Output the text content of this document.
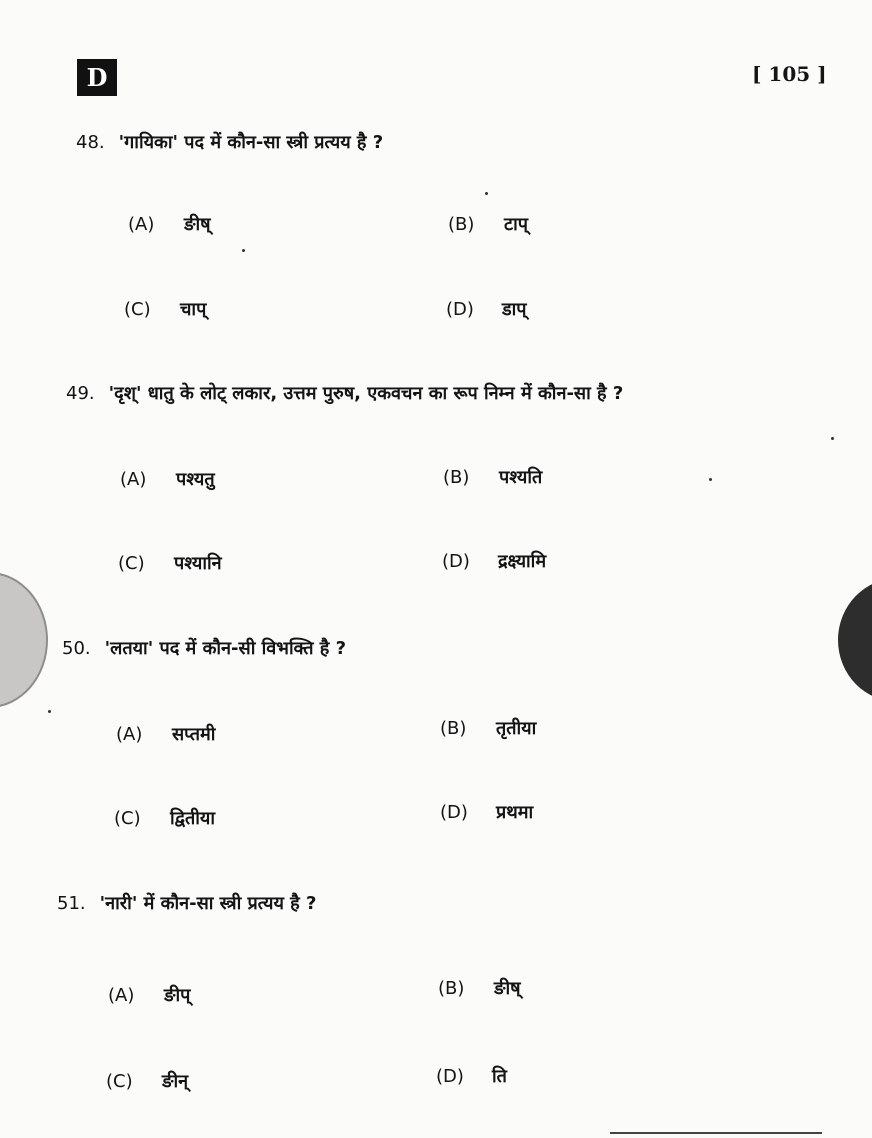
D	[ 105 ]
48. 'गायिका' पद में कौन-सा स्त्री प्रत्यय है ?
(A) ङीष्	(B) टाप्
(C) चाप्	(D) डाप्
49. 'दृश्' धातु के लोट् लकार, उत्तम पुरुष, एकवचन का रूप निम्न में कौन-सा है ?
(A) पश्यतु	(B) पश्यति
(C) पश्यानि	(D) द्रक्ष्यामि
50. 'लतया' पद में कौन-सी विभक्ति है ?
(A) सप्तमी	(B) तृतीया
(C) द्वितीया	(D) प्रथमा
51. 'नारी' में कौन-सा स्त्री प्रत्यय है ?
(A) ङीप्	(B) ङीष्
(C) ङीन्	(D) ति
